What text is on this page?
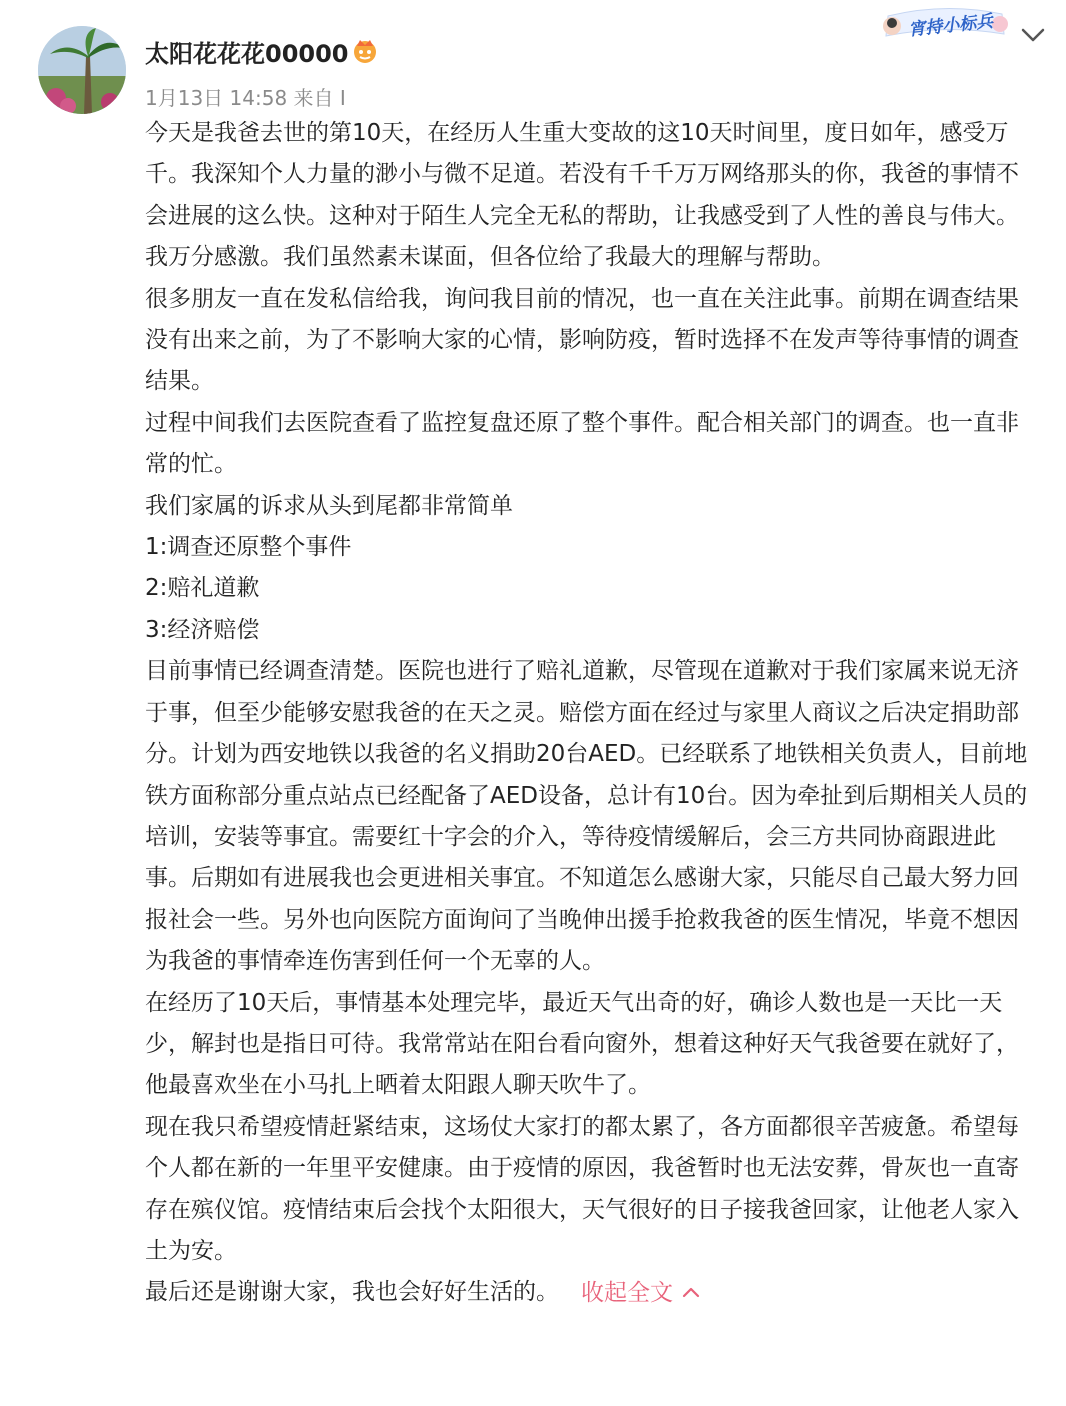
太阳花花花00000
1月13日 14:58 来自 I
宵持小标兵

今天是我爸去世的第10天，在经历人生重大变故的这10天时间里，度日如年，感受万千。我深知个人力量的渺小与微不足道。若没有千千万万网络那头的你，我爸的事情不会进展的这么快。这种对于陌生人完全无私的帮助，让我感受到了人性的善良与伟大。我万分感激。我们虽然素未谋面，但各位给了我最大的理解与帮助。

很多朋友一直在发私信给我，询问我目前的情况，也一直在关注此事。前期在调查结果没有出来之前，为了不影响大家的心情，影响防疫，暂时选择不在发声等待事情的调查结果。

过程中间我们去医院查看了监控复盘还原了整个事件。配合相关部门的调查。也一直非常的忙。

我们家属的诉求从头到尾都非常简单

1:调查还原整个事件

2:赔礼道歉

3:经济赔偿

目前事情已经调查清楚。医院也进行了赔礼道歉，尽管现在道歉对于我们家属来说无济于事，但至少能够安慰我爸的在天之灵。赔偿方面在经过与家里人商议之后决定捐助部分。计划为西安地铁以我爸的名义捐助20台AED。已经联系了地铁相关负责人，目前地铁方面称部分重点站点已经配备了AED设备，总计有10台。因为牵扯到后期相关人员的培训，安装等事宜。需要红十字会的介入，等待疫情缓解后，会三方共同协商跟进此事。后期如有进展我也会更进相关事宜。不知道怎么感谢大家，只能尽自己最大努力回报社会一些。另外也向医院方面询问了当晚伸出援手抢救我爸的医生情况，毕竟不想因为我爸的事情牵连伤害到任何一个无辜的人。

在经历了10天后，事情基本处理完毕，最近天气出奇的好，确诊人数也是一天比一天少，解封也是指日可待。我常常站在阳台看向窗外，想着这种好天气我爸要在就好了，他最喜欢坐在小马扎上晒着太阳跟人聊天吹牛了。

现在我只希望疫情赶紧结束，这场仗大家打的都太累了，各方面都很辛苦疲惫。希望每个人都在新的一年里平安健康。由于疫情的原因，我爸暂时也无法安葬，骨灰也一直寄存在殡仪馆。疫情结束后会找个太阳很大，天气很好的日子接我爸回家，让他老人家入土为安。

最后还是谢谢大家，我也会好好生活的。 收起全文
